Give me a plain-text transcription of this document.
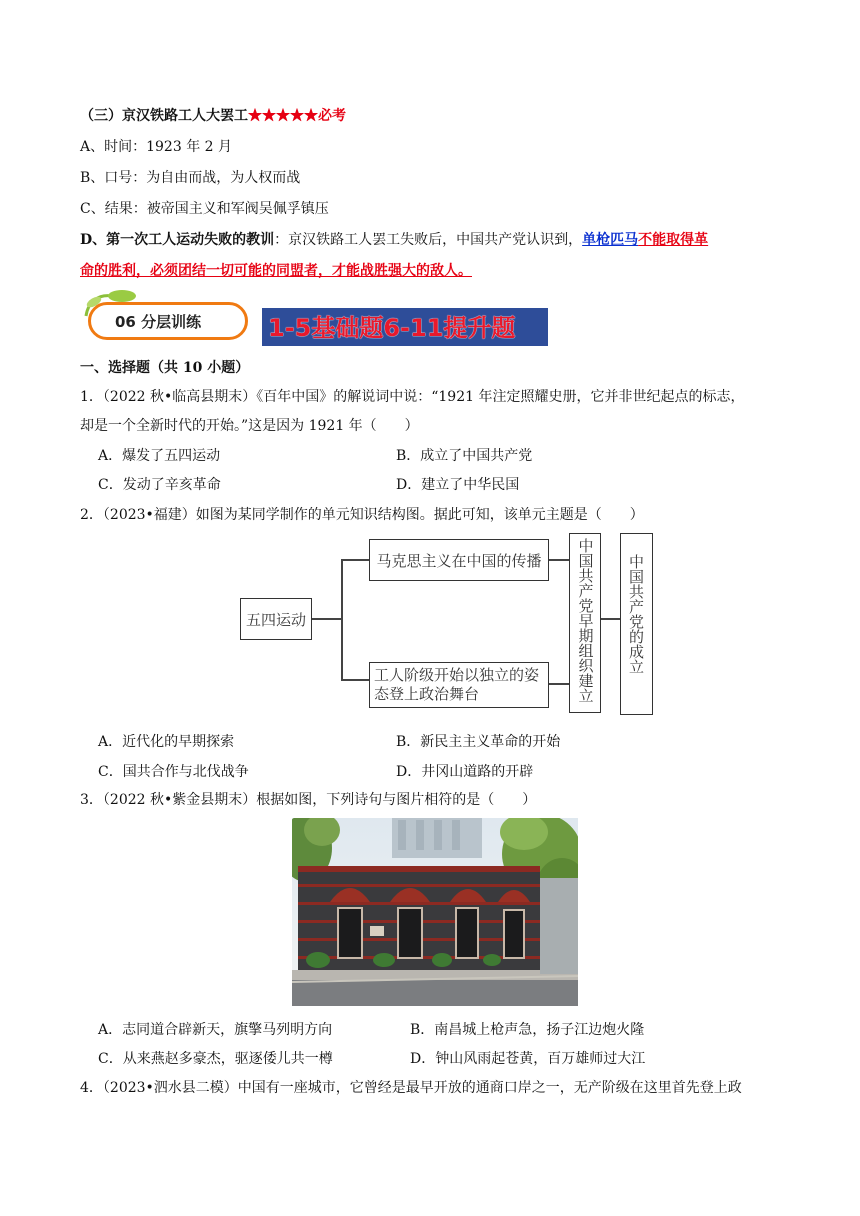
（三）京汉铁路工人大罢工★★★★★必考
A、时间：1923 年 2 月
B、口号：为自由而战，为人权而战
C、结果：被帝国主义和军阀吴佩孚镇压
D、第一次工人运动失败的教训：京汉铁路工人罢工失败后，中国共产党认识到，单枪匹马不能取得革
命的胜利，必须团结一切可能的同盟者，才能战胜强大的敌人。
06 分层训练	1-5基础题6-11提升题
一、选择题（共 10 小题）
1．（2022 秋•临高县期末）《百年中国》的解说词中说：“1921 年注定照耀史册，它并非世纪起点的标志，
却是一个全新时代的开始。”这是因为 1921 年（　　）
A．爆发了五四运动	B．成立了中国共产党
C．发动了辛亥革命	D．建立了中华民国
2．（2023•福建）如图为某同学制作的单元知识结构图。据此可知，该单元主题是（　　）
五四运动
马克思主义在中国的传播
工人阶级开始以独立的姿
态登上政治舞台	中国共产党早期组织建立 中国共产党的成立
A．近代化的早期探索	B．新民主主义革命的开始
C．国共合作与北伐战争	D．井冈山道路的开辟
3．（2022 秋•紫金县期末）根据如图，下列诗句与图片相符的是（　　）
A．志同道合辟新天，旗擎马列明方向	B．南昌城上枪声急，扬子江边炮火隆
C．从来燕赵多豪杰，驱逐倭儿共一樽	D．钟山风雨起苍黄，百万雄师过大江
4．（2023•泗水县二模）中国有一座城市，它曾经是最早开放的通商口岸之一，无产阶级在这里首先登上政
